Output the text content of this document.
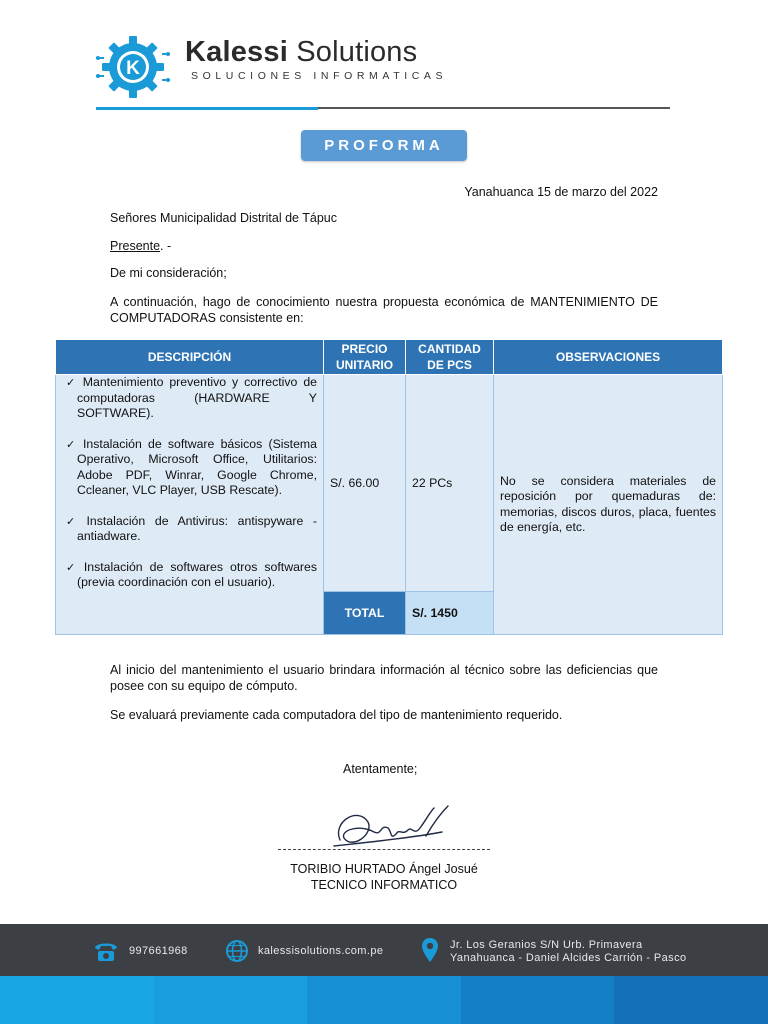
K
Kalessi Solutions
SOLUCIONES INFORMATICAS
PROFORMA
Yanahuanca 15 de marzo del 2022
Señores Municipalidad Distrital de Tápuc
Presente. -
De mi consideración;
A continuación, hago de conocimiento nuestra propuesta económica de MANTENIMIENTO DE COMPUTADORAS consistente en:
DESCRIPCIÓN	PRECIO UNITARIO	CANTIDAD DE PCS	OBSERVACIONES

✓ Mantenimiento preventivo y correctivo de computadoras (HARDWARE Y SOFTWARE).
✓ Instalación de software básicos (Sistema Operativo, Microsoft Office, Utilitarios: Adobe PDF, Winrar, Google Chrome, Ccleaner, VLC Player, USB Rescate).
✓ Instalación de Antivirus: antispyware - antiadware.
✓ Instalación de softwares otros softwares (previa coordinación con el usuario).	S/. 66.00	22 PCs	No se considera materiales de reposición por quemaduras de: memorias, discos duros, placa, fuentes de energía, etc.
	TOTAL	S/. 1450	
Al inicio del mantenimiento el usuario brindara información al técnico sobre las deficiencias que posee con su equipo de cómputo.
Se evaluará previamente cada computadora del tipo de mantenimiento requerido.
Atentamente;
TORIBIO HURTADO Ángel Josué
TECNICO INFORMATICO
997661968	kalessisolutions.com.pe	Jr. Los Geranios S/N Urb. Primavera
Yanahuanca - Daniel Alcides Carrión - Pasco
